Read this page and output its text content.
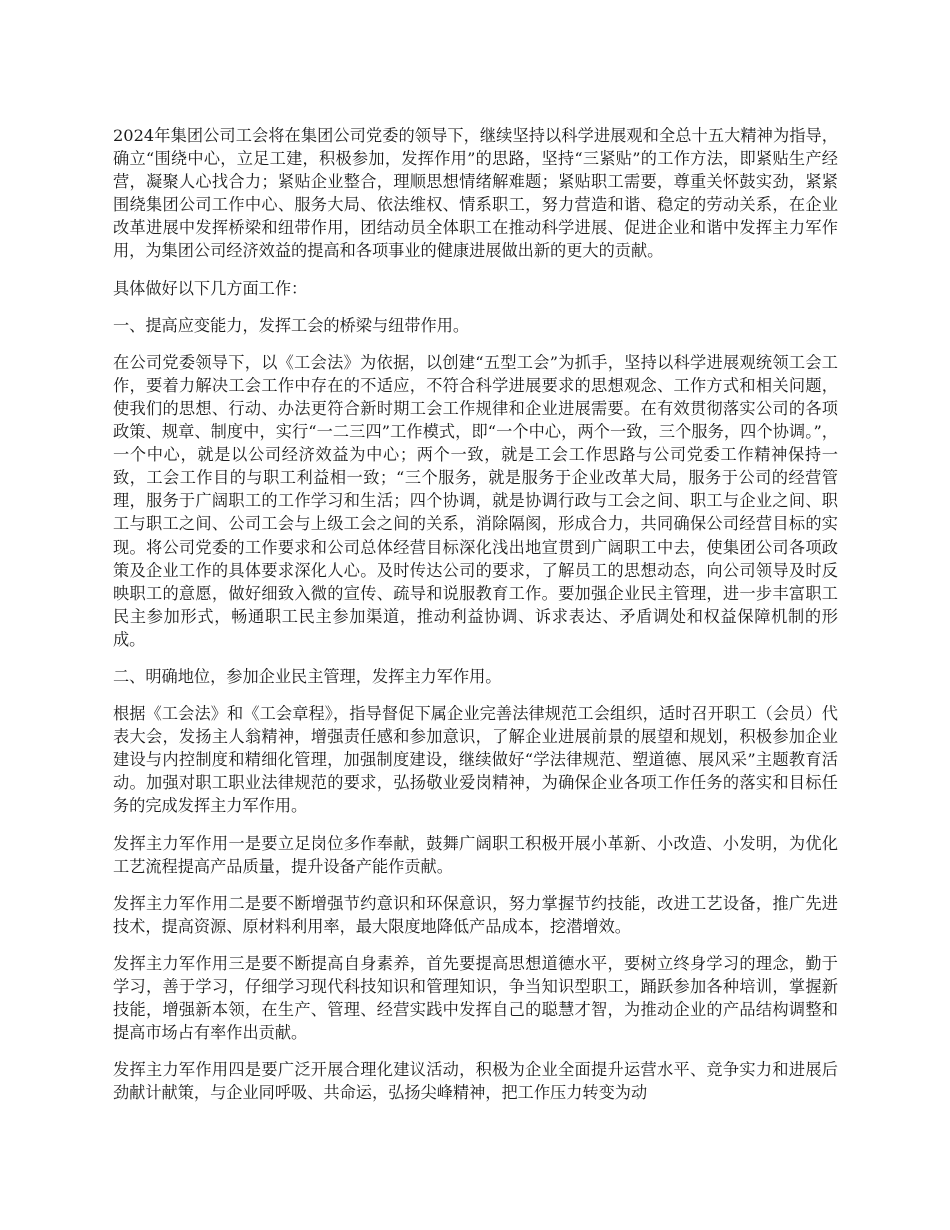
2024年集团公司工会将在集团公司党委的领导下，继续坚持以科学进展观和全总十五大精神为指导，确立“围绕中心，立足工建，积极参加，发挥作用”的思路，坚持“三紧贴”的工作方法，即紧贴生产经营，凝聚人心找合力；紧贴企业整合，理顺思想情绪解难题；紧贴职工需要，尊重关怀鼓实劲，紧紧围绕集团公司工作中心、服务大局、依法维权、情系职工，努力营造和谐、稳定的劳动关系，在企业改革进展中发挥桥梁和纽带作用，团结动员全体职工在推动科学进展、促进企业和谐中发挥主力军作用，为集团公司经济效益的提高和各项事业的健康进展做出新的更大的贡献。

具体做好以下几方面工作：

一、提高应变能力，发挥工会的桥梁与纽带作用。

在公司党委领导下，以《工会法》为依据，以创建“五型工会”为抓手，坚持以科学进展观统领工会工作，要着力解决工会工作中存在的不适应，不符合科学进展要求的思想观念、工作方式和相关问题，使我们的思想、行动、办法更符合新时期工会工作规律和企业进展需要。在有效贯彻落实公司的各项政策、规章、制度中，实行“一二三四”工作模式，即“一个中心，两个一致，三个服务，四个协调。”，一个中心，就是以公司经济效益为中心；两个一致，就是工会工作思路与公司党委工作精神保持一致，工会工作目的与职工利益相一致；“三个服务，就是服务于企业改革大局，服务于公司的经营管理，服务于广阔职工的工作学习和生活；四个协调，就是协调行政与工会之间、职工与企业之间、职工与职工之间、公司工会与上级工会之间的关系，消除隔阂，形成合力，共同确保公司经营目标的实现。将公司党委的工作要求和公司总体经营目标深化浅出地宣贯到广阔职工中去，使集团公司各项政策及企业工作的具体要求深化人心。及时传达公司的要求，了解员工的思想动态，向公司领导及时反映职工的意愿，做好细致入微的宣传、疏导和说服教育工作。要加强企业民主管理，进一步丰富职工民主参加形式，畅通职工民主参加渠道，推动利益协调、诉求表达、矛盾调处和权益保障机制的形成。

二、明确地位，参加企业民主管理，发挥主力军作用。

根据《工会法》和《工会章程》，指导督促下属企业完善法律规范工会组织，适时召开职工（会员）代表大会，发扬主人翁精神，增强责任感和参加意识，了解企业进展前景的展望和规划，积极参加企业建设与内控制度和精细化管理，加强制度建设，继续做好“学法律规范、塑道德、展风采”主题教育活动。加强对职工职业法律规范的要求，弘扬敬业爱岗精神，为确保企业各项工作任务的落实和目标任务的完成发挥主力军作用。

发挥主力军作用一是要立足岗位多作奉献，鼓舞广阔职工积极开展小革新、小改造、小发明，为优化工艺流程提高产品质量，提升设备产能作贡献。

发挥主力军作用二是要不断增强节约意识和环保意识，努力掌握节约技能，改进工艺设备，推广先进技术，提高资源、原材料利用率，最大限度地降低产品成本，挖潜增效。

发挥主力军作用三是要不断提高自身素养，首先要提高思想道德水平，要树立终身学习的理念，勤于学习，善于学习，仔细学习现代科技知识和管理知识，争当知识型职工，踊跃参加各种培训，掌握新技能，增强新本领，在生产、管理、经营实践中发挥自己的聪慧才智，为推动企业的产品结构调整和提高市场占有率作出贡献。

发挥主力军作用四是要广泛开展合理化建议活动，积极为企业全面提升运营水平、竞争实力和进展后劲献计献策，与企业同呼吸、共命运，弘扬尖峰精神，把工作压力转变为动
